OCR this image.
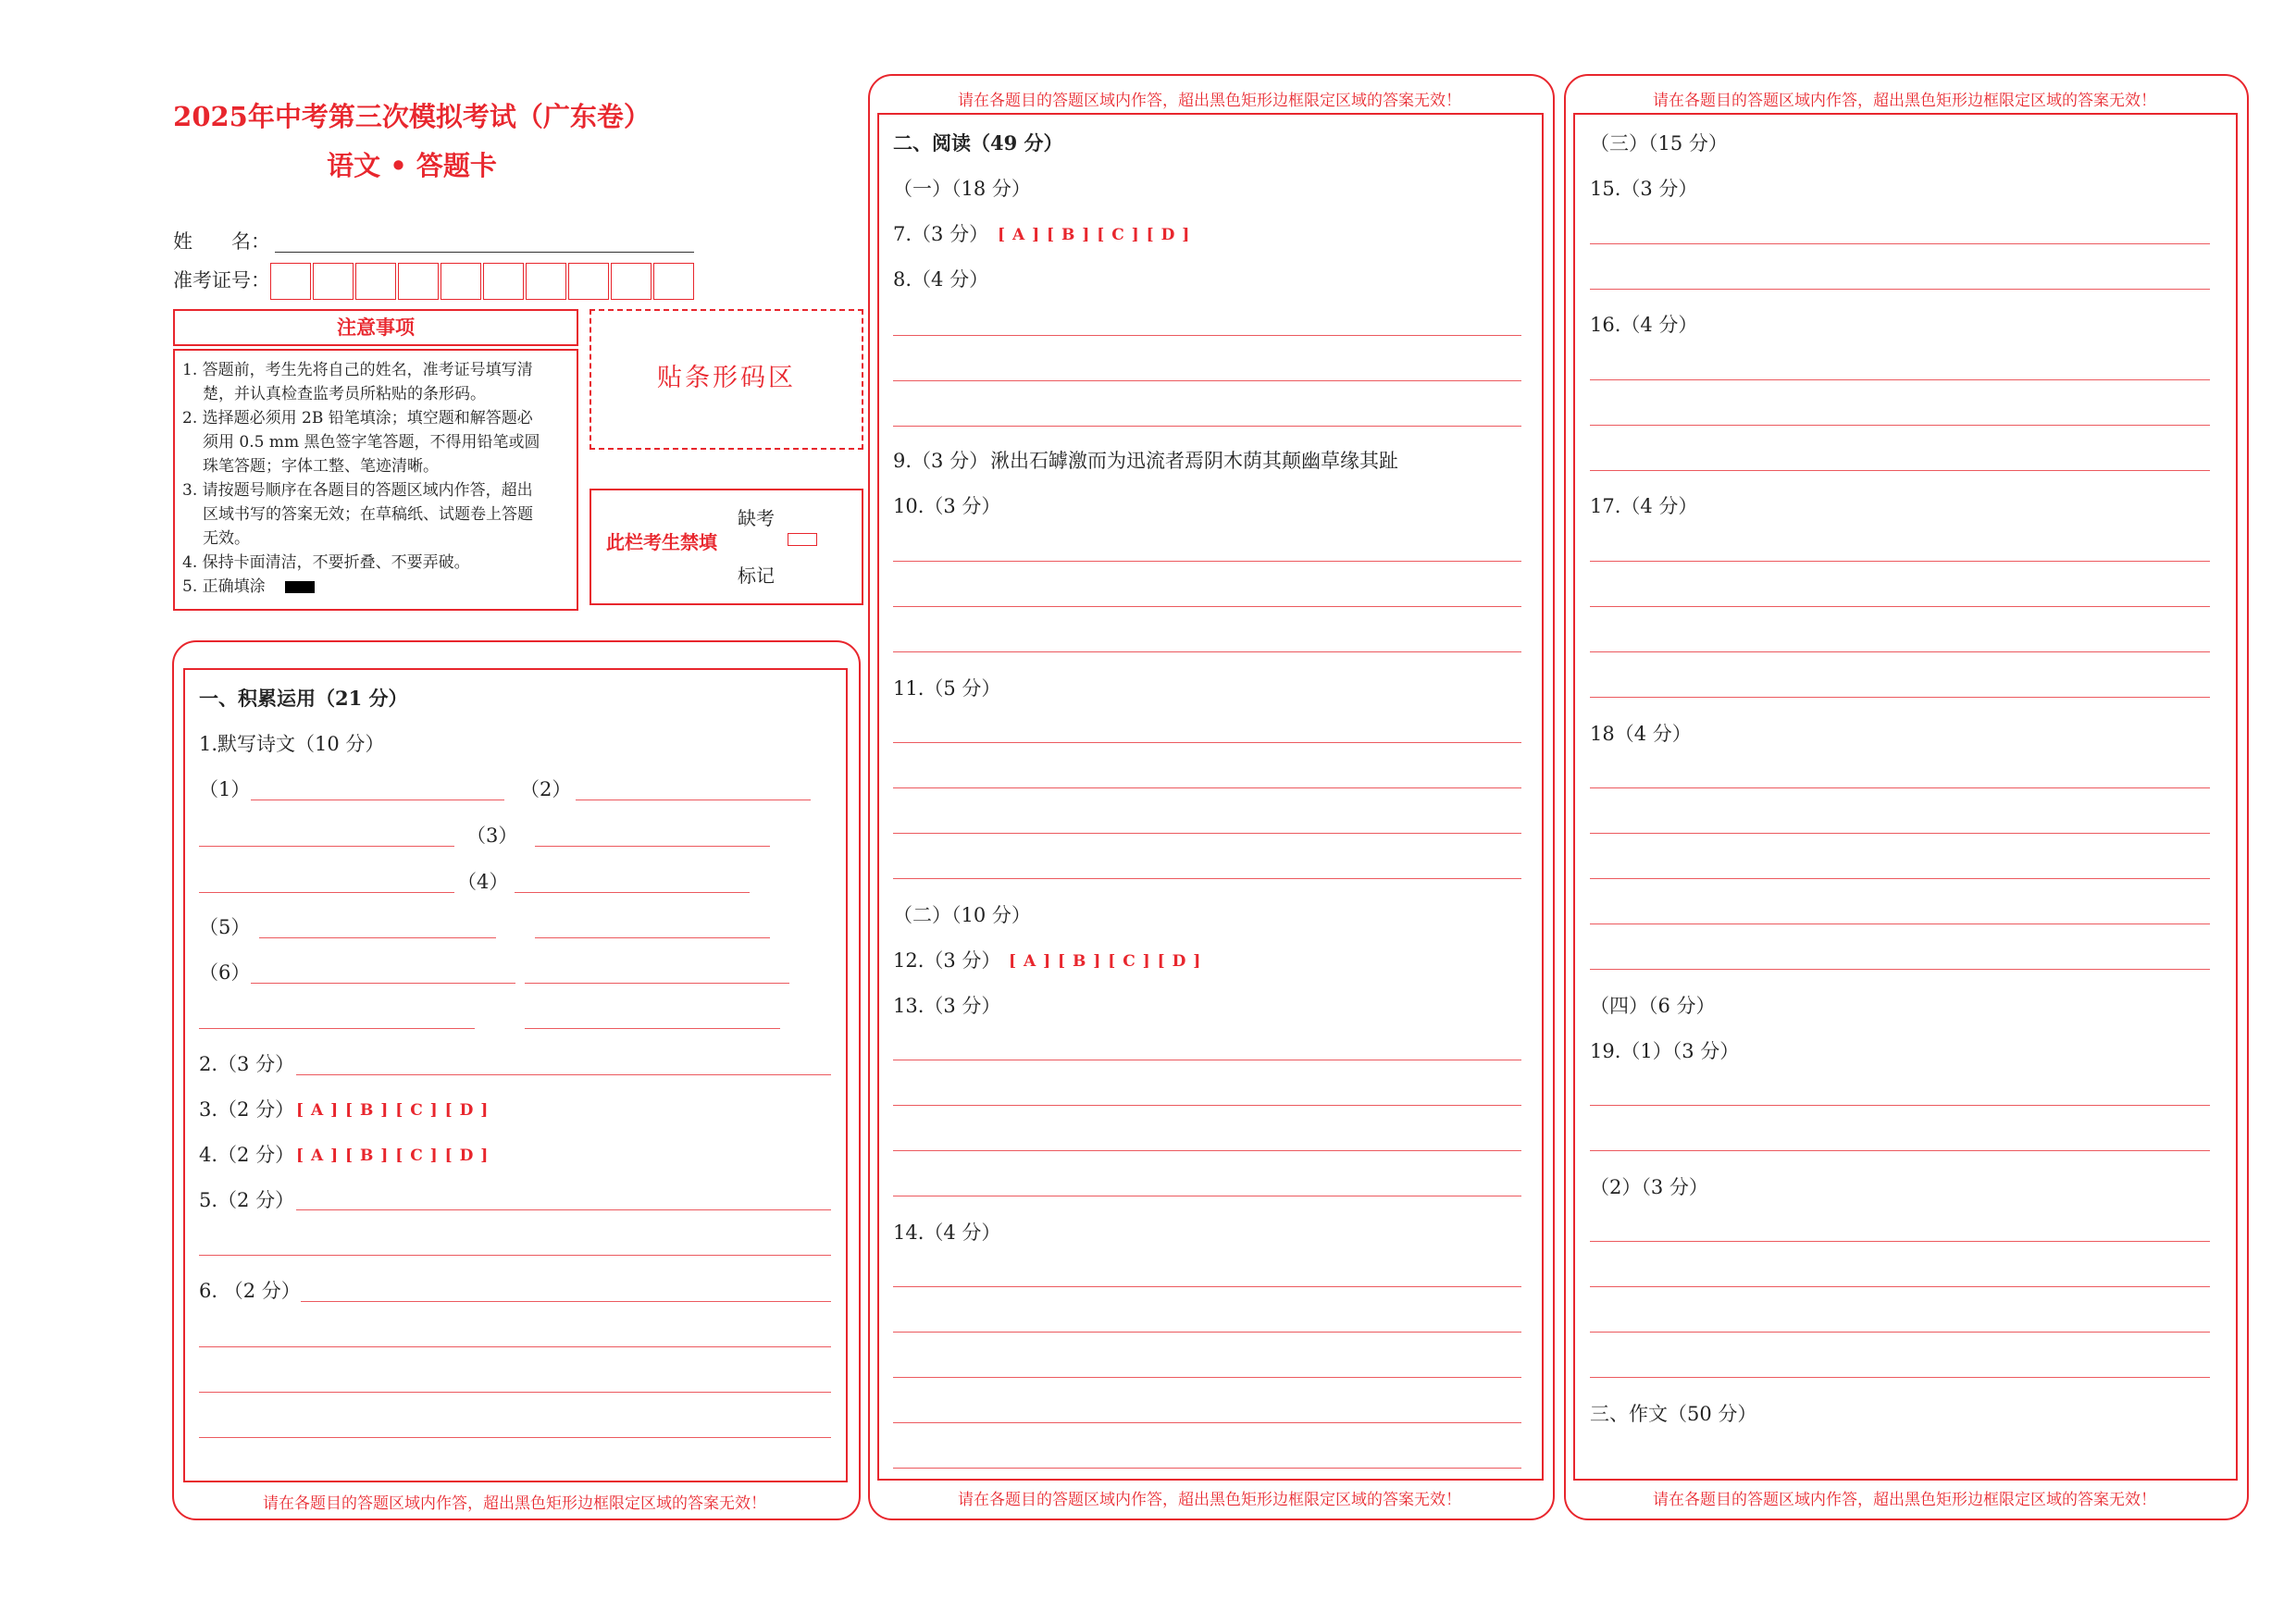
2025年中考第三次模拟考试（广东卷）
语文 • 答题卡
姓　　名：
准考证号：
注意事项
1. 答题前，考生先将自己的姓名，准考证号填写清
楚，并认真检查监考员所粘贴的条形码。
2. 选择题必须用 2B 铅笔填涂；填空题和解答题必
须用 0.5 mm 黑色签字笔答题，不得用铅笔或圆
珠笔答题；字体工整、笔迹清晰。
3. 请按题号顺序在各题目的答题区域内作答，超出
区域书写的答案无效；在草稿纸、试题卷上答题
无效。
4. 保持卡面清洁，不要折叠、不要弄破。
5. 正确填涂
贴条形码区
此栏考生禁填
缺考
标记
一、积累运用（21 分）
1.默写诗文（10 分）
（1）	（2）
（3）
（4）
（5）
（6）
2.（3 分）
3.（2 分） [ A ] [ B ] [ C ] [ D ]
4.（2 分） [ A ] [ B ] [ C ] [ D ]
5.（2 分）
6. （2 分）
请在各题目的答题区域内作答，超出黑色矩形边框限定区域的答案无效！
请在各题目的答题区域内作答，超出黑色矩形边框限定区域的答案无效！
二、阅读（49 分）
（一）（18 分）
7.（3 分） [ A ] [ B ] [ C ] [ D ]
8.（4 分）
9.（3 分） 湫出石罅激而为迅流者焉阴木荫其颠幽草缘其趾
10.（3 分）
11.（5 分）
（二）（10 分）
12.（3 分） [ A ] [ B ] [ C ] [ D ]
13.（3 分）
14.（4 分）
请在各题目的答题区域内作答，超出黑色矩形边框限定区域的答案无效！
请在各题目的答题区域内作答，超出黑色矩形边框限定区域的答案无效！
（三）（15 分）
15.（3 分）
16.（4 分）
17.（4 分）
18（4 分）
（四）（6 分）
19.（1）（3 分）
（2）（3 分）
三、作文（50 分）
请在各题目的答题区域内作答，超出黑色矩形边框限定区域的答案无效！
